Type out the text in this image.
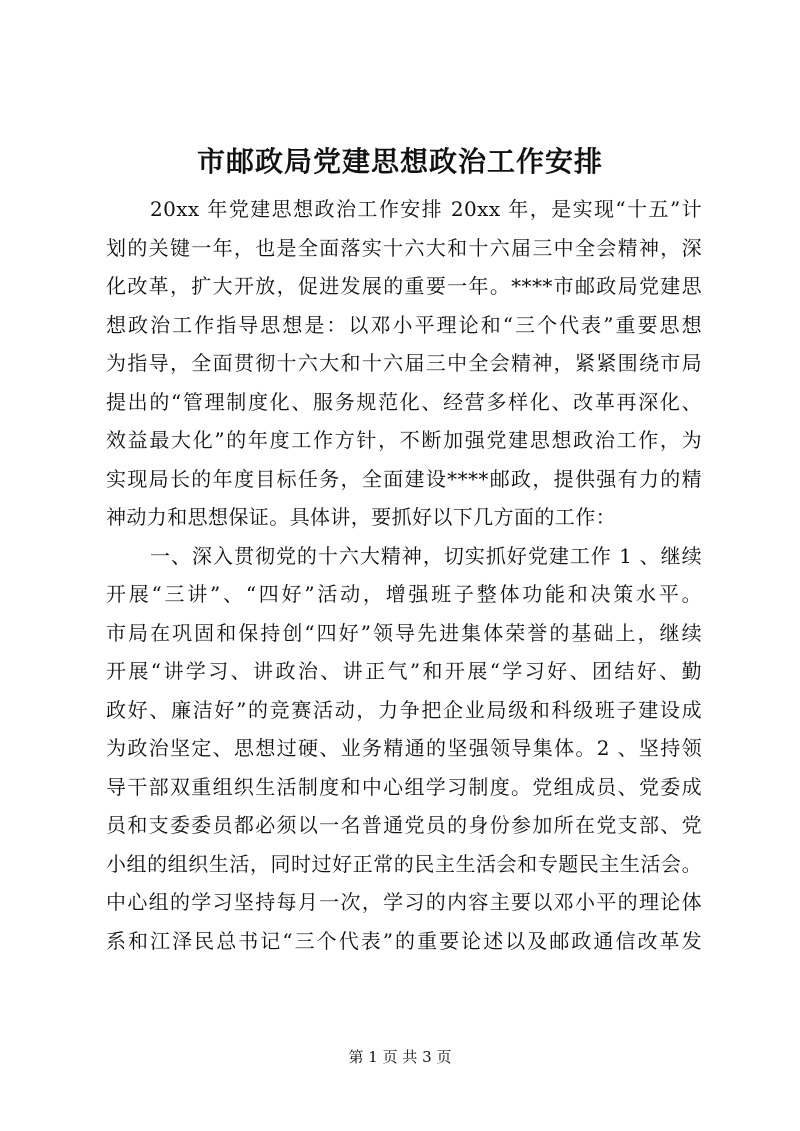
市邮政局党建思想政治工作安排
20xx 年党建思想政治工作安排 20xx 年，是实现“十五”计
划的关键一年，也是全面落实十六大和十六届三中全会精神，深
化改革，扩大开放，促进发展的重要一年。****市邮政局党建思
想政治工作指导思想是：以邓小平理论和“三个代表”重要思想
为指导，全面贯彻十六大和十六届三中全会精神，紧紧围绕市局
提出的“管理制度化、服务规范化、经营多样化、改革再深化、
效益最大化”的年度工作方针，不断加强党建思想政治工作，为
实现局长的年度目标任务，全面建设****邮政，提供强有力的精
神动力和思想保证。具体讲，要抓好以下几方面的工作：
一、深入贯彻党的十六大精神，切实抓好党建工作 1 、继续
开展“三讲”、“四好”活动，增强班子整体功能和决策水平。
市局在巩固和保持创“四好”领导先进集体荣誉的基础上，继续
开展“讲学习、讲政治、讲正气”和开展“学习好、团结好、勤
政好、廉洁好”的竞赛活动，力争把企业局级和科级班子建设成
为政治坚定、思想过硬、业务精通的坚强领导集体。2 、坚持领
导干部双重组织生活制度和中心组学习制度。党组成员、党委成
员和支委委员都必须以一名普通党员的身份参加所在党支部、党
小组的组织生活，同时过好正常的民主生活会和专题民主生活会。
中心组的学习坚持每月一次，学习的内容主要以邓小平的理论体
系和江泽民总书记“三个代表”的重要论述以及邮政通信改革发
第 1 页 共 3 页
